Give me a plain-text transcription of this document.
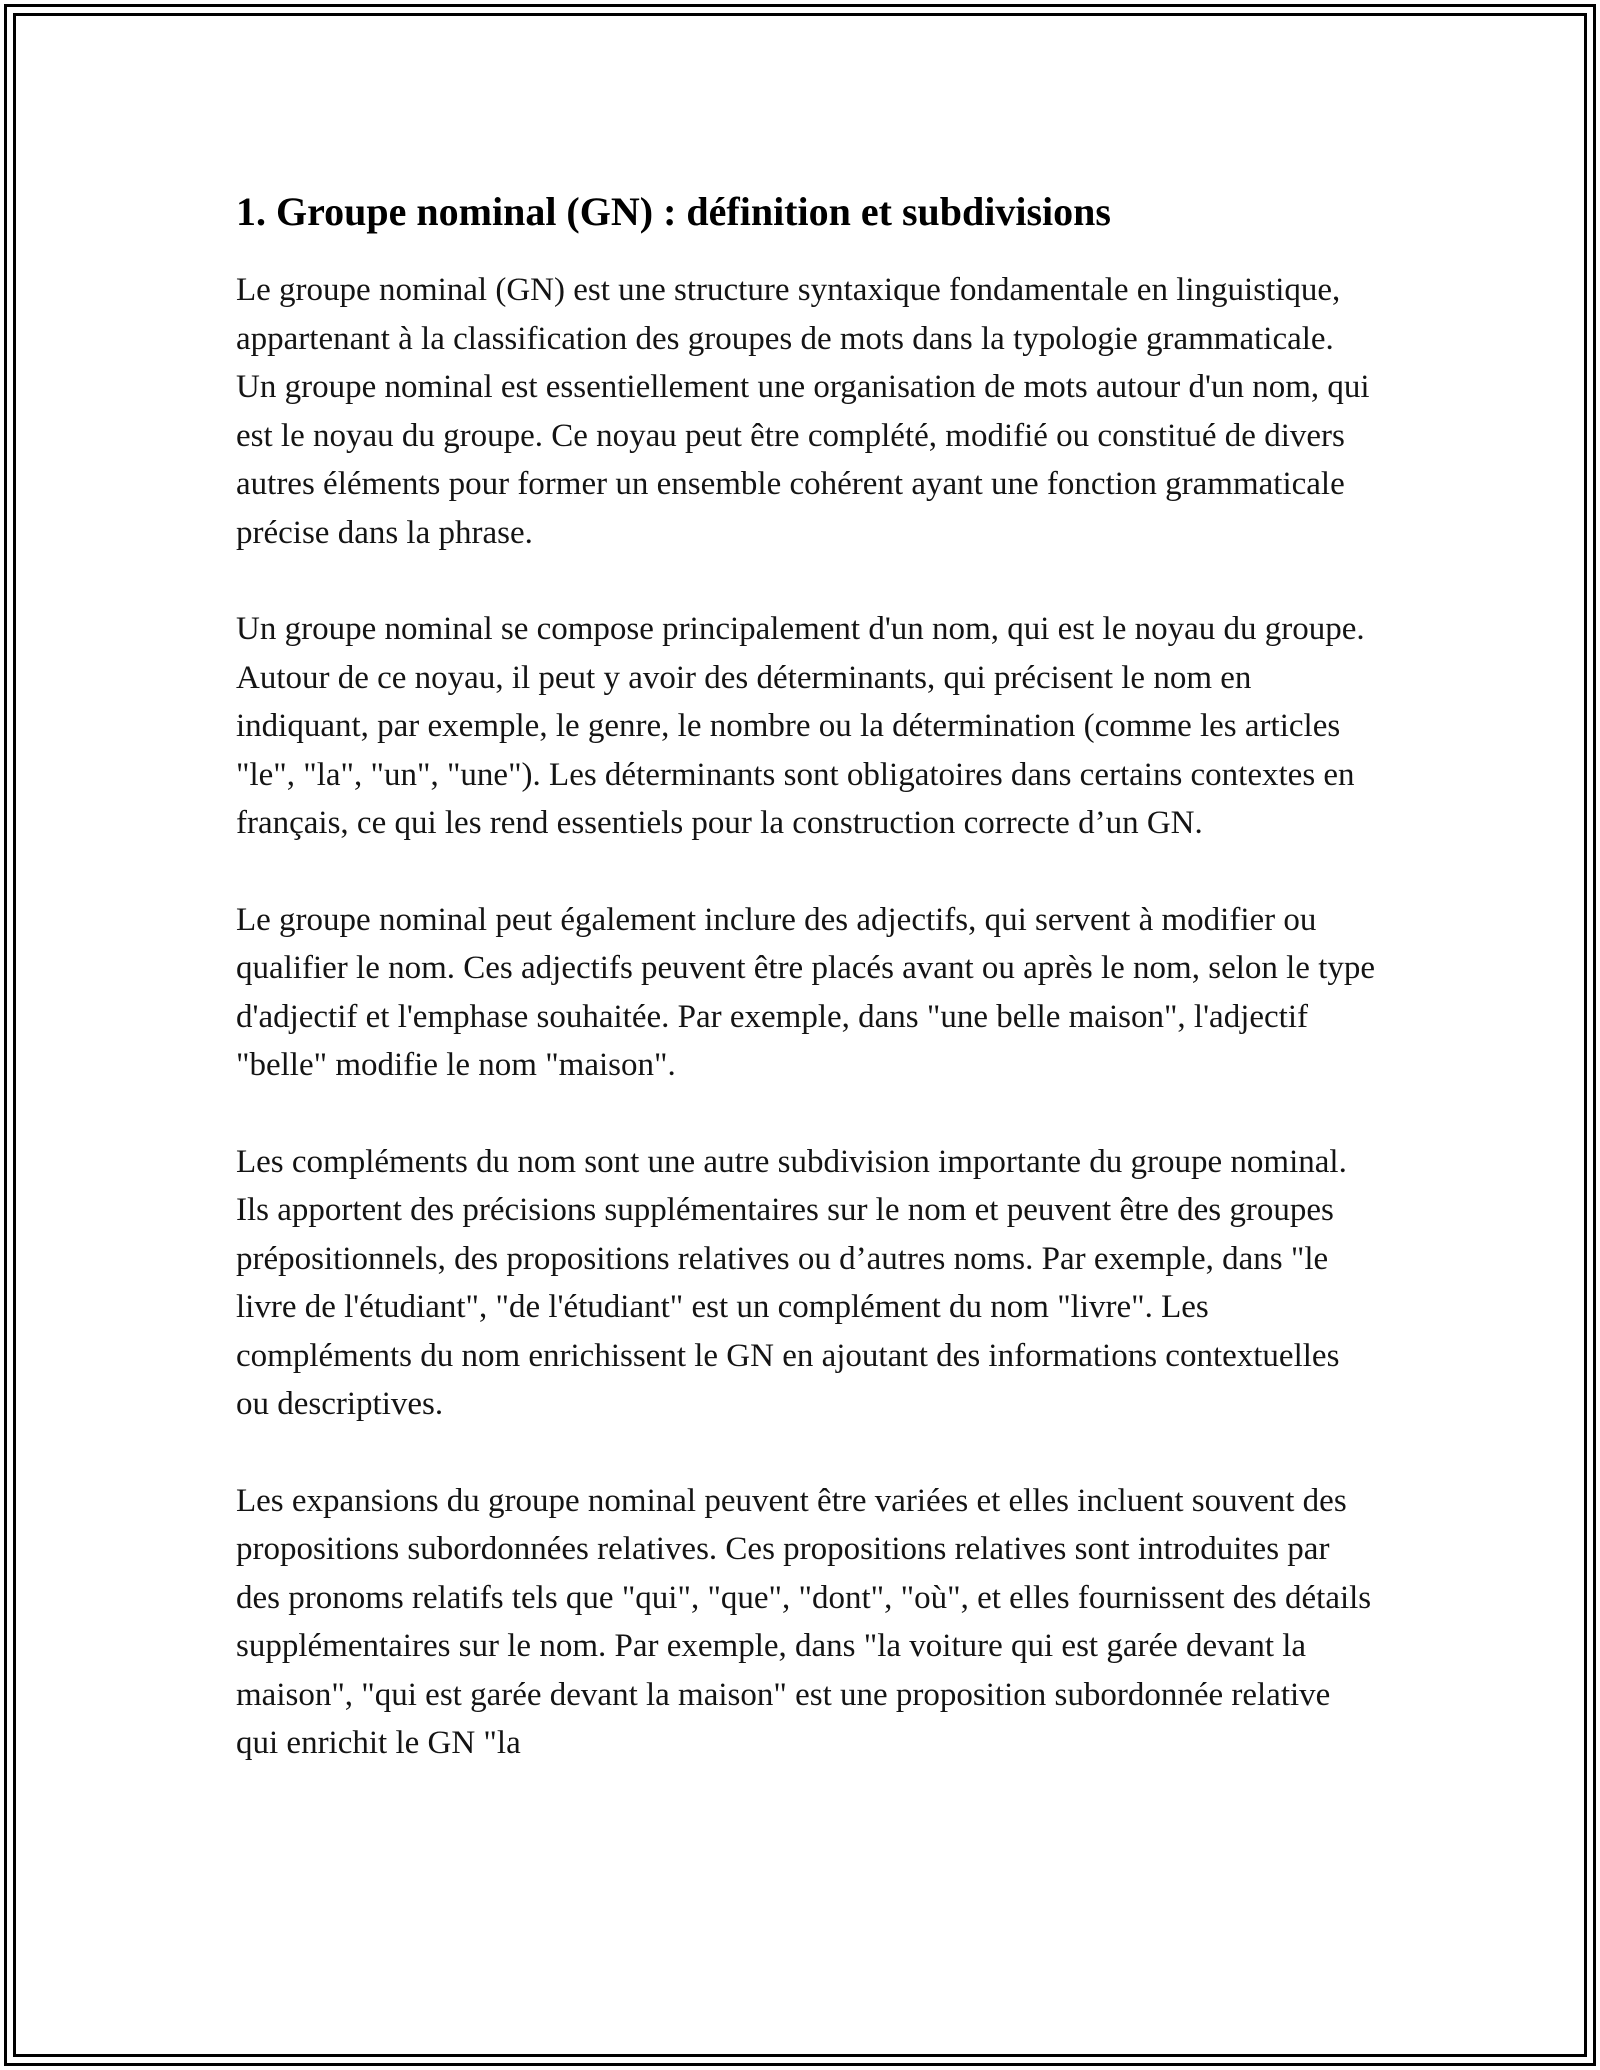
1. Groupe nominal (GN) : définition et subdivisions

Le groupe nominal (GN) est une structure syntaxique fondamentale en linguistique, appartenant à la classification des groupes de mots dans la typologie grammaticale. Un groupe nominal est essentiellement une organisation de mots autour d'un nom, qui est le noyau du groupe. Ce noyau peut être complété, modifié ou constitué de divers autres éléments pour former un ensemble cohérent ayant une fonction grammaticale précise dans la phrase.

Un groupe nominal se compose principalement d'un nom, qui est le noyau du groupe. Autour de ce noyau, il peut y avoir des déterminants, qui précisent le nom en indiquant, par exemple, le genre, le nombre ou la détermination (comme les articles "le", "la", "un", "une"). Les déterminants sont obligatoires dans certains contextes en français, ce qui les rend essentiels pour la construction correcte d’un GN.

Le groupe nominal peut également inclure des adjectifs, qui servent à modifier ou qualifier le nom. Ces adjectifs peuvent être placés avant ou après le nom, selon le type d'adjectif et l'emphase souhaitée. Par exemple, dans "une belle maison", l'adjectif "belle" modifie le nom "maison".

Les compléments du nom sont une autre subdivision importante du groupe nominal. Ils apportent des précisions supplémentaires sur le nom et peuvent être des groupes prépositionnels, des propositions relatives ou d’autres noms. Par exemple, dans "le livre de l'étudiant", "de l'étudiant" est un complément du nom "livre". Les compléments du nom enrichissent le GN en ajoutant des informations contextuelles ou descriptives.

Les expansions du groupe nominal peuvent être variées et elles incluent souvent des propositions subordonnées relatives. Ces propositions relatives sont introduites par des pronoms relatifs tels que "qui", "que", "dont", "où", et elles fournissent des détails supplémentaires sur le nom. Par exemple, dans "la voiture qui est garée devant la maison", "qui est garée devant la maison" est une proposition subordonnée relative qui enrichit le GN "la
